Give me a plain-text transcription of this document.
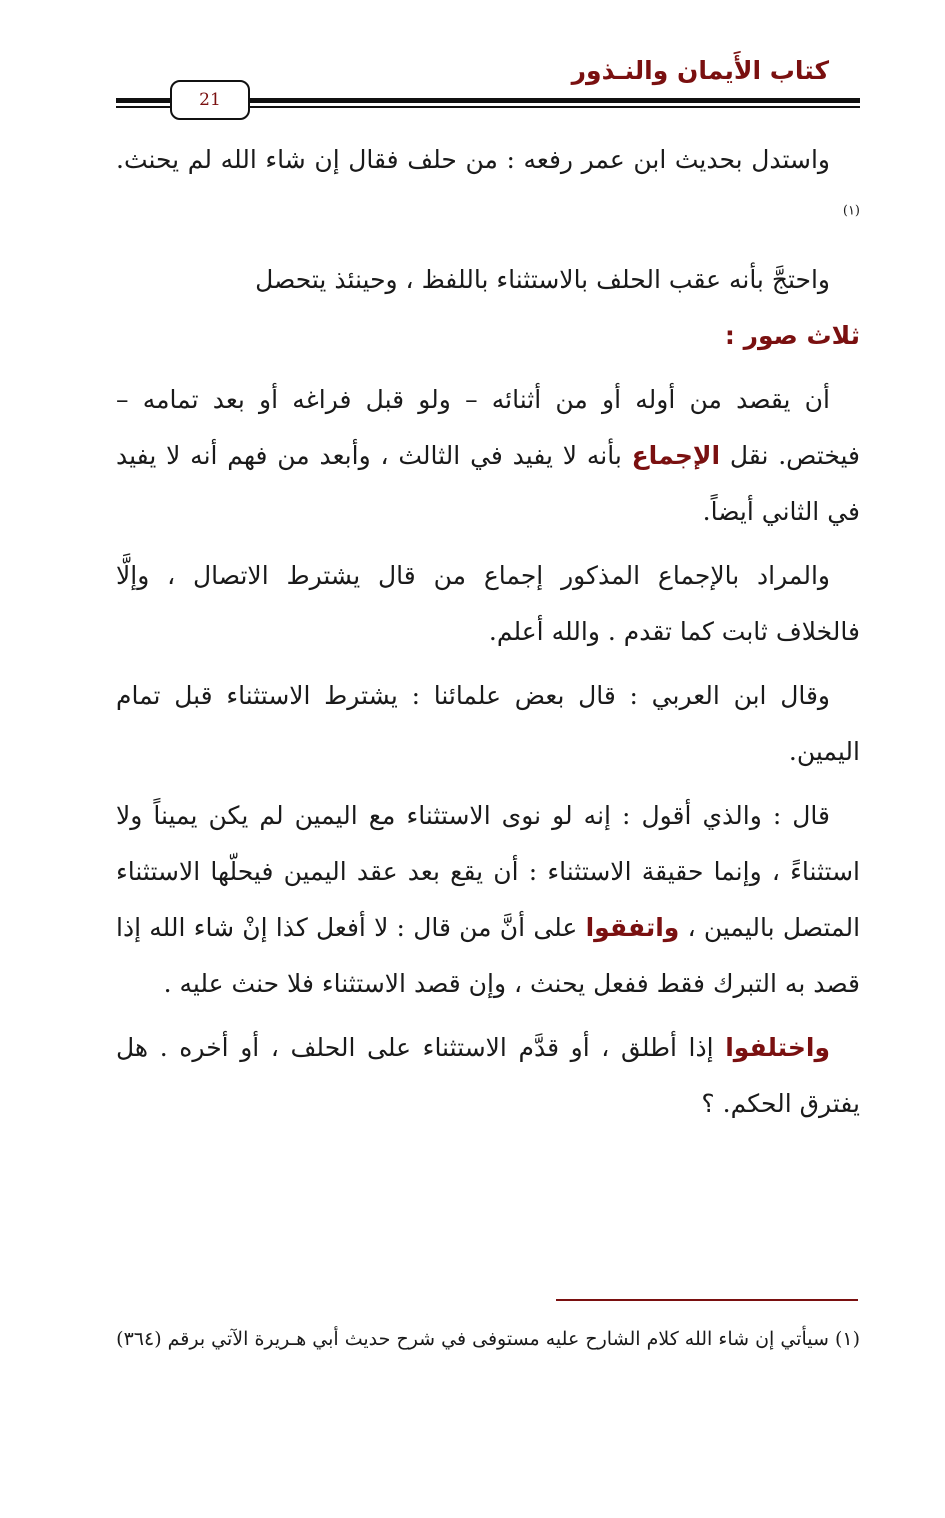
كتاب الأَيمان والنـذور
21

واستدل بحديث ابن عمر رفعه : من حلف فقال إن شاء الله لم يحنث.$^{(١)}$

واحتجَّ بأنه عقب الحلف بالاستثناء باللفظ ، وحينئذ يتحصل
ثلاث صور :

أن يقصد من أوله أو من أثنائه – ولو قبل فراغه أو بعد تمامه – فيختص. نقل الإجماع بأنه لا يفيد في الثالث ، وأبعد من فهم أنه لا يفيد في الثاني أيضاً.

والمراد بالإجماع المذكور إجماع من قال يشترط الاتصال ، وإلَّا فالخلاف ثابت كما تقدم . والله أعلم.

وقال ابن العربي : قال بعض علمائنا : يشترط الاستثناء قبل تمام اليمين.

قال : والذي أقول : إنه لو نوى الاستثناء مع اليمين لم يكن يميناً ولا استثناءً ، وإنما حقيقة الاستثناء : أن يقع بعد عقد اليمين فيحلّها الاستثناء المتصل باليمين ، واتفقوا على أنَّ من قال : لا أفعل كذا إنْ شاء الله إذا قصد به التبرك فقط ففعل يحنث ، وإن قصد الاستثناء فلا حنث عليه .

واختلفوا إذا أطلق ، أو قدَّم الاستثناء على الحلف ، أو أخره . هل يفترق الحكم. ؟

(١) سيأتي إن شاء الله كلام الشارح عليه مستوفى في شرح حديث أبي هـريرة الآتي برقم (٣٦٤)
